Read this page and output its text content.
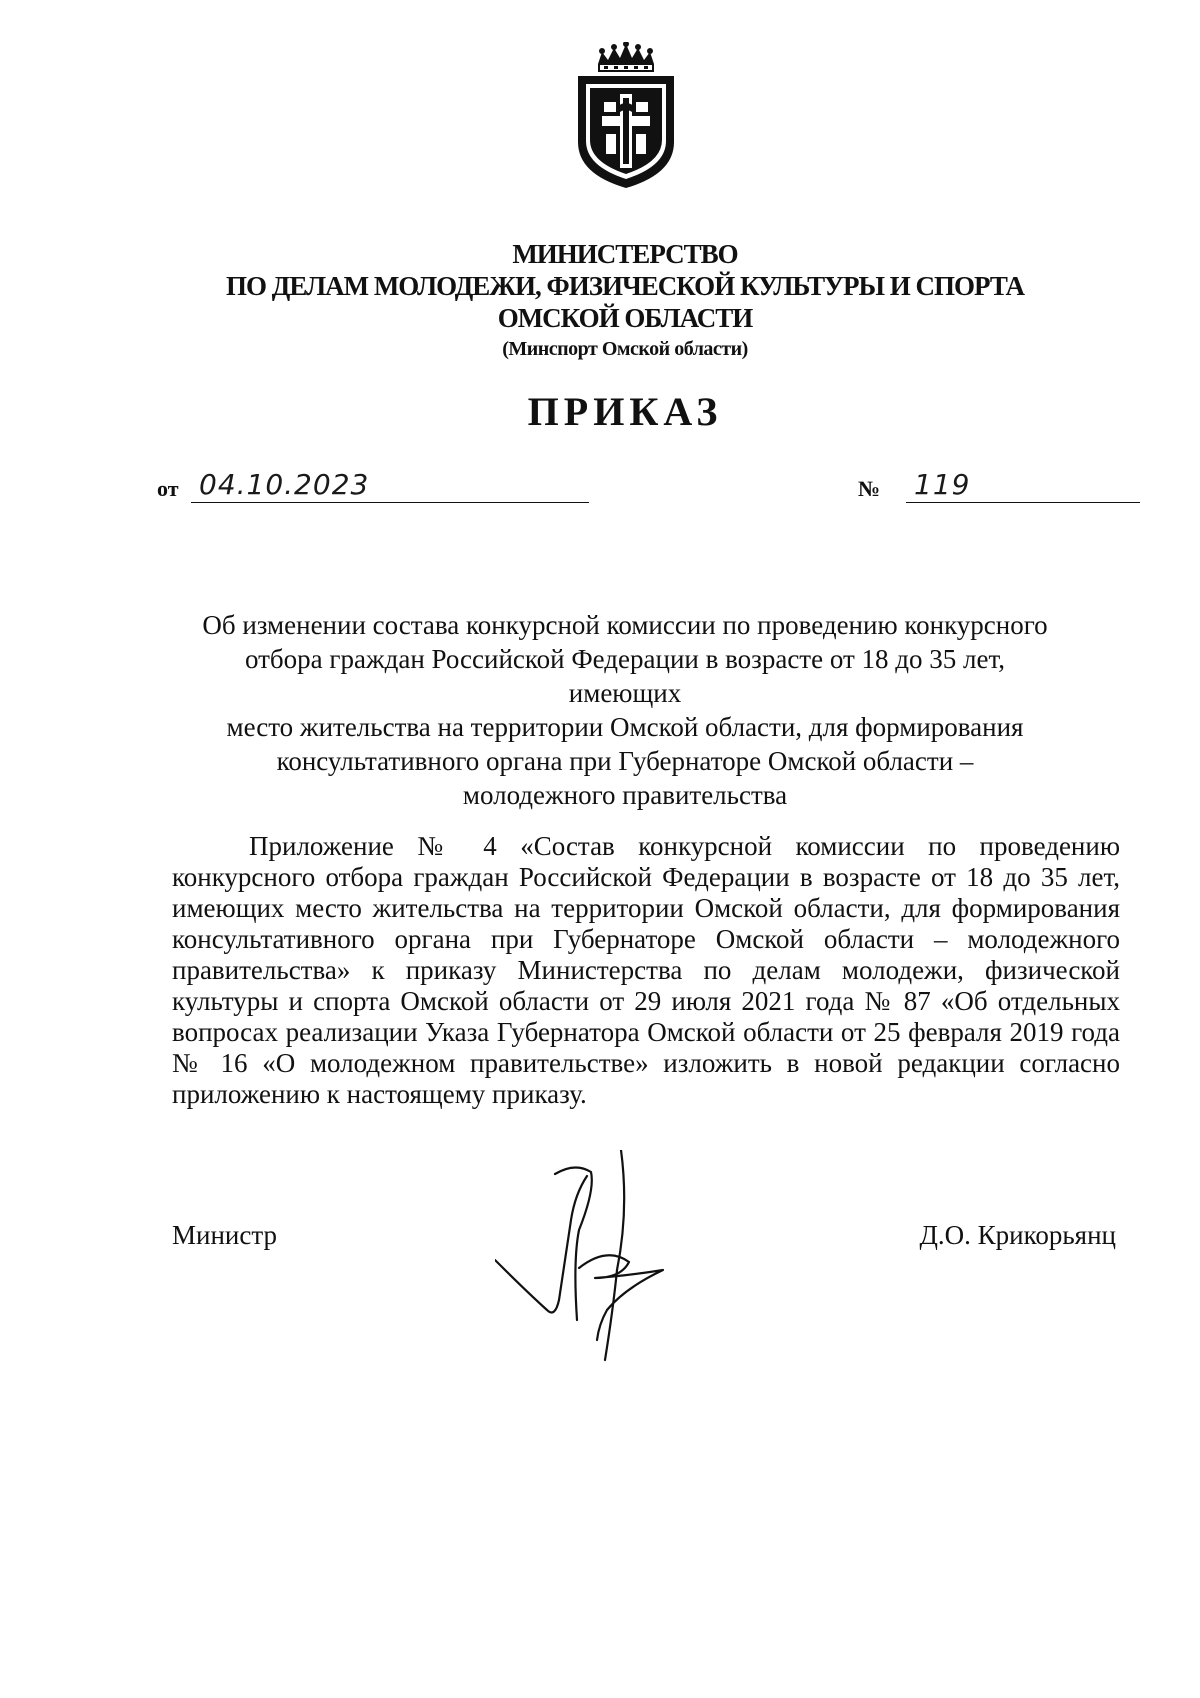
МИНИСТЕРСТВО
ПО ДЕЛАМ МОЛОДЕЖИ, ФИЗИЧЕСКОЙ КУЛЬТУРЫ И СПОРТА
ОМСКОЙ ОБЛАСТИ
(Минспорт Омской области)
ПРИКАЗ
от 04.10.2023	№ 119
Об изменении состава конкурсной комиссии по проведению конкурсного
отбора граждан Российской Федерации в возрасте от 18 до 35 лет, имеющих
место жительства на территории Омской области, для формирования
консультативного органа при Губернаторе Омской области –
молодежного правительства
Приложение № 4 «Состав конкурсной комиссии по проведению конкурсного отбора граждан Российской Федерации в возрасте от 18 до 35 лет, имеющих место жительства на территории Омской области, для формирования консультативного органа при Губернаторе Омской области – молодежного правительства» к приказу Министерства по делам молодежи, физической культуры и спорта Омской области от 29 июля 2021 года № 87 «Об отдельных вопросах реализации Указа Губернатора Омской области от 25 февраля 2019 года № 16 «О молодежном правительстве» изложить в новой редакции согласно приложению к настоящему приказу.
Министр	Д.О. Крикорьянц
